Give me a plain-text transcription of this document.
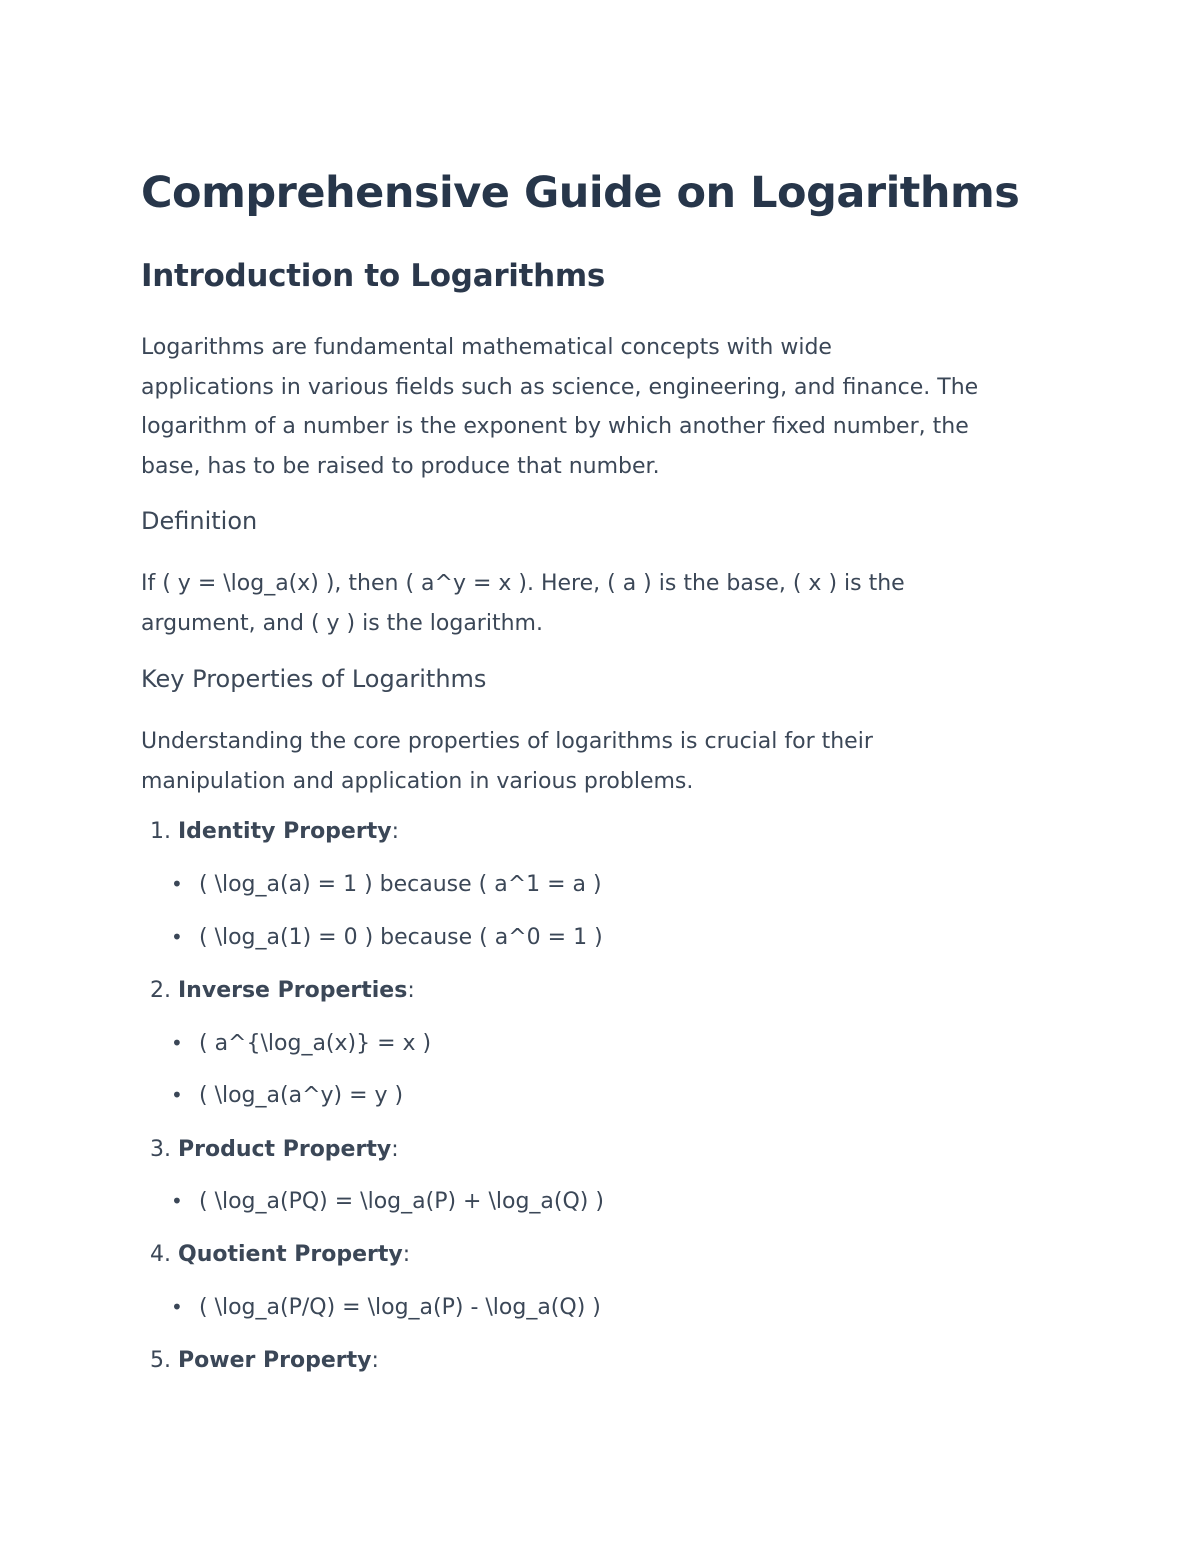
Comprehensive Guide on Logarithms
Introduction to Logarithms
Logarithms are fundamental mathematical concepts with wide
applications in various fields such as science, engineering, and finance. The
logarithm of a number is the exponent by which another fixed number, the
base, has to be raised to produce that number.
Definition
If ( y = \log_a(x) ), then ( a^y = x ). Here, ( a ) is the base, ( x ) is the
argument, and ( y ) is the logarithm.
Key Properties of Logarithms
Understanding the core properties of logarithms is crucial for their
manipulation and application in various problems.
1. Identity Property:
• ( \log_a(a) = 1 ) because ( a^1 = a )
• ( \log_a(1) = 0 ) because ( a^0 = 1 )
2. Inverse Properties:
• ( a^{\log_a(x)} = x )
• ( \log_a(a^y) = y )
3. Product Property:
• ( \log_a(PQ) = \log_a(P) + \log_a(Q) )
4. Quotient Property:
• ( \log_a(P/Q) = \log_a(P) - \log_a(Q) )
5. Power Property:
